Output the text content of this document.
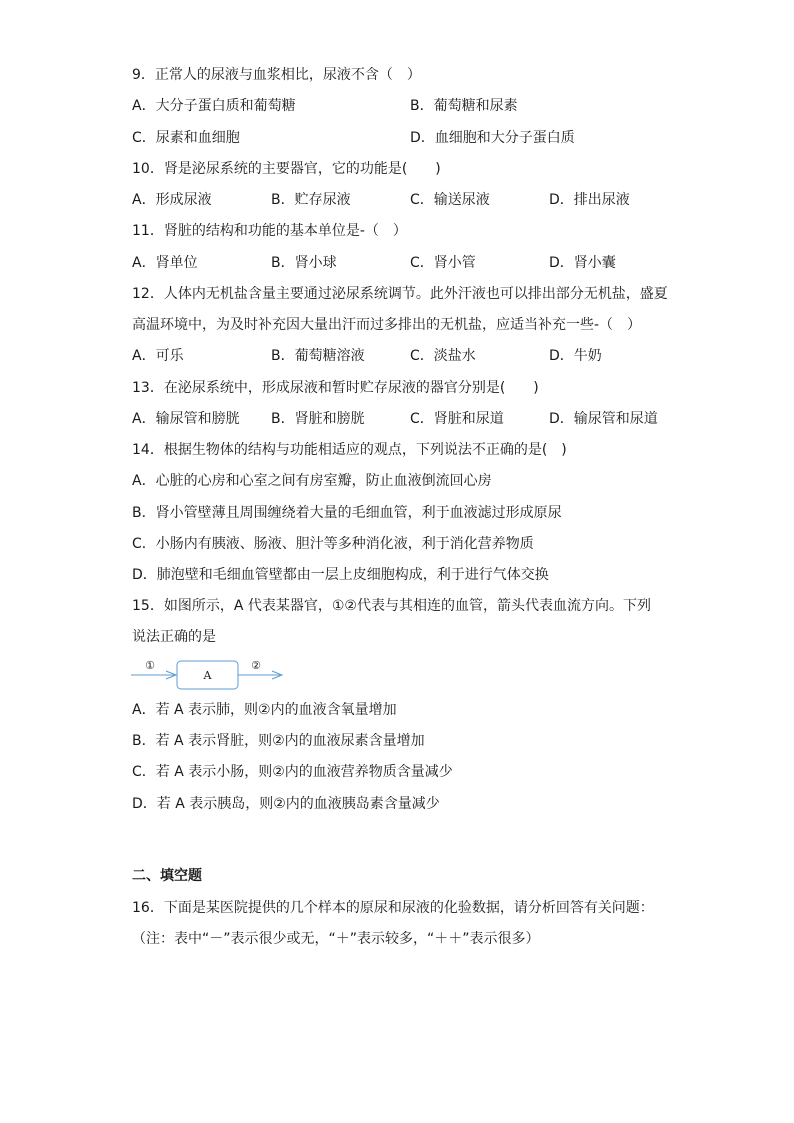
9．正常人的尿液与血浆相比，尿液不含（　）
A．大分子蛋白质和葡萄糖	B．葡萄糖和尿素
C．尿素和血细胞	D．血细胞和大分子蛋白质
10．肾是泌尿系统的主要器官，它的功能是(　　)
A．形成尿液	B．贮存尿液	C．输送尿液	D．排出尿液
11．肾脏的结构和功能的基本单位是-（　）
A．肾单位	B．肾小球	C．肾小管	D．肾小囊
12．人体内无机盐含量主要通过泌尿系统调节。此外汗液也可以排出部分无机盐，盛夏
高温环境中，为及时补充因大量出汗而过多排出的无机盐，应适当补充一些-（　）
A．可乐	B．葡萄糖溶液	C．淡盐水	D．牛奶
13．在泌尿系统中，形成尿液和暂时贮存尿液的器官分别是(　　)
A．输尿管和膀胱 B．肾脏和膀胱	C．肾脏和尿道	D．输尿管和尿道
14．根据生物体的结构与功能相适应的观点，下列说法不正确的是(　)
A．心脏的心房和心室之间有房室瓣，防止血液倒流回心房
B．肾小管壁薄且周围缠绕着大量的毛细血管，利于血液滤过形成原尿
C．小肠内有胰液、肠液、胆汁等多种消化液，利于消化营养物质
D．肺泡壁和毛细血管壁都由一层上皮细胞构成，利于进行气体交换
15．如图所示，A 代表某器官，①②代表与其相连的血管，箭头代表血流方向。下列
说法正确的是
①
A
②
A．若 A 表示肺，则②内的血液含氧量增加
B．若 A 表示肾脏，则②内的血液尿素含量增加
C．若 A 表示小肠，则②内的血液营养物质含量减少
D．若 A 表示胰岛，则②内的血液胰岛素含量减少
二、填空题
16．下面是某医院提供的几个样本的原尿和尿液的化验数据，请分析回答有关问题：
（注：表中“－”表示很少或无，“＋”表示较多，“＋＋”表示很多）
